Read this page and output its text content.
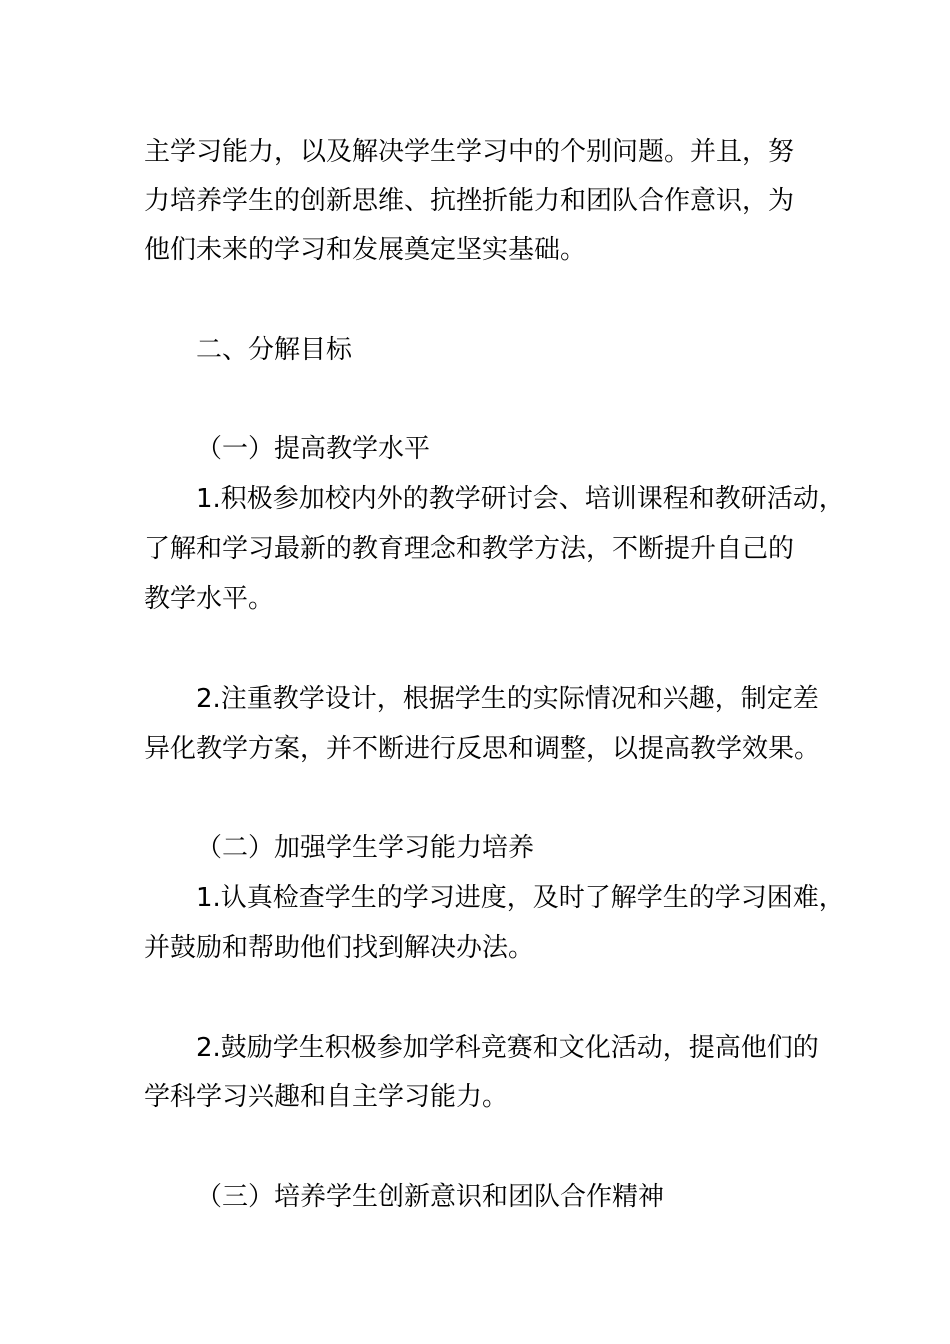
主学习能力，以及解决学生学习中的个别问题。并且，努
力培养学生的创新思维、抗挫折能力和团队合作意识，为
他们未来的学习和发展奠定坚实基础。
二、分解目标
（一）提高教学水平
1.积极参加校内外的教学研讨会、培训课程和教研活动，
了解和学习最新的教育理念和教学方法，不断提升自己的
教学水平。
2.注重教学设计，根据学生的实际情况和兴趣，制定差
异化教学方案，并不断进行反思和调整，以提高教学效果。
（二）加强学生学习能力培养
1.认真检查学生的学习进度，及时了解学生的学习困难，
并鼓励和帮助他们找到解决办法。
2.鼓励学生积极参加学科竞赛和文化活动，提高他们的
学科学习兴趣和自主学习能力。
（三）培养学生创新意识和团队合作精神
